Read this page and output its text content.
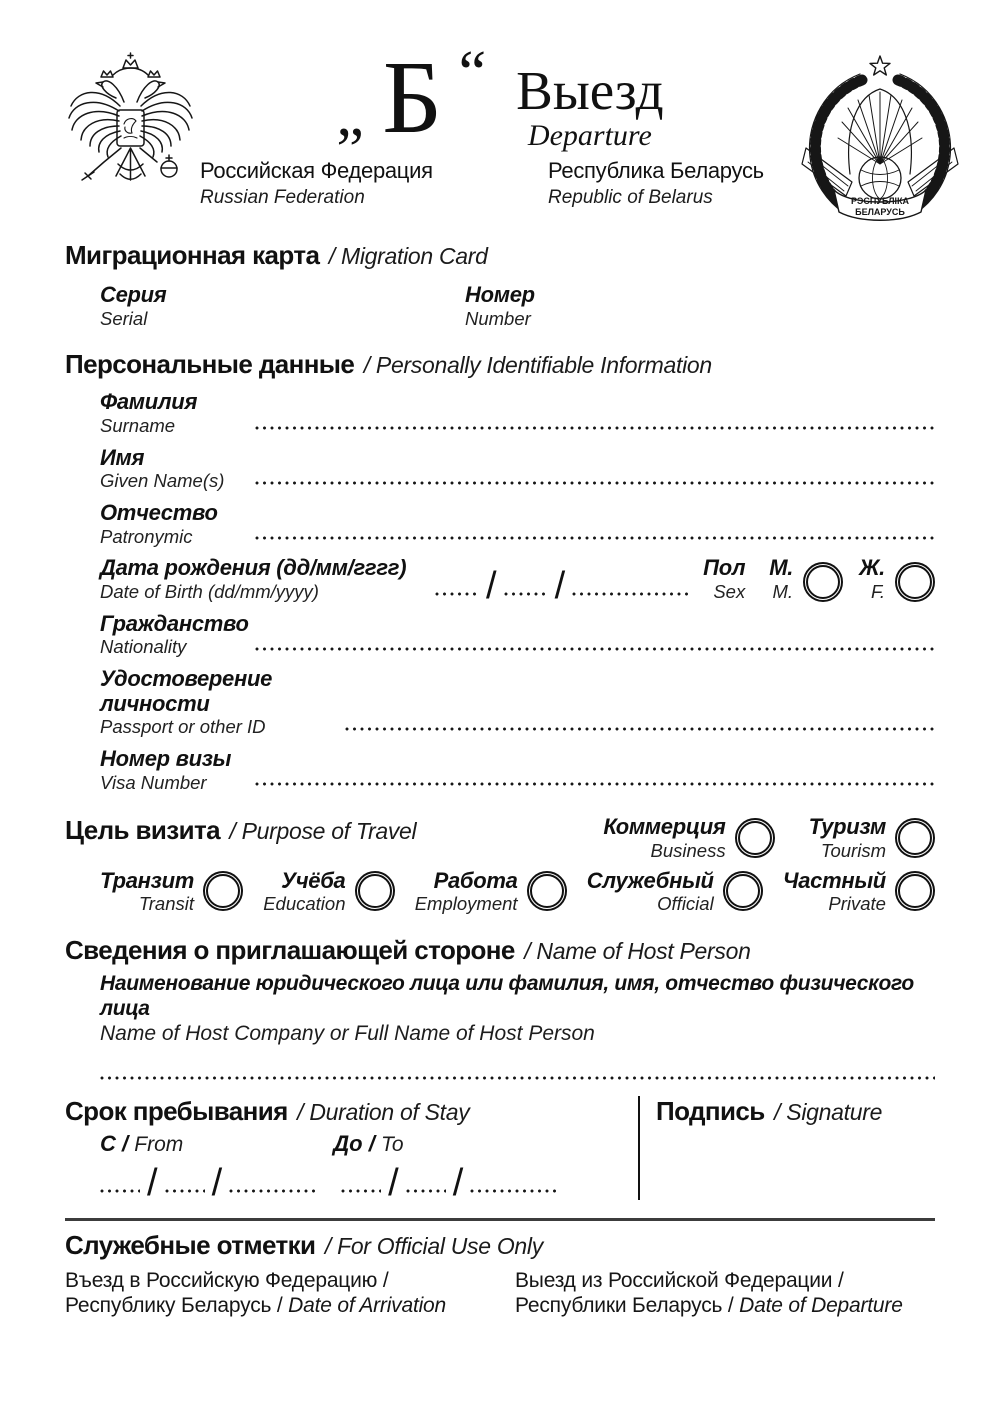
РЭСПУБЛІКА
БЕЛАРУСЬ
„ Б “ Выезд
Departure
Российская Федерация
Russian Federation
Республика Беларусь
Republic of Belarus
Миграционная карта / Migration Card
Серия
Serial
Номер
Number
Персональные данные / Personally Identifiable Information
Фамилия
Surname
Имя
Given Name(s)
Отчество
Patronymic
Дата рождения (дд/мм/гггг)
Date of Birth (dd/mm/yyyy)	/ /	Пол
Sex
М.
M.
Ж.
F.
Гражданство
Nationality
Удостоверение личности
Passport or other ID
Номер визы
Visa Number
Цель визита / Purpose of Travel	Коммерция
Business
Туризм
Tourism
Транзит
Transit
Учёба
Education
Работа
Employment
Служебный
Official
Частный
Private
Сведения о приглашающей стороне / Name of Host Person
Наименование юридического лица или фамилия, имя, отчество физического лица
Name of Host Company or Full Name of Host Person
Срок пребывания / Duration of Stay
С / From	До / To
/ /	/ /
Подпись / Signature
Служебные отметки / For Official Use Only
Въезд в Российскую Федерацию /
Республику Беларусь / Date of Arrivation
Выезд из Российской Федерации /
Республики Беларусь / Date of Departure
